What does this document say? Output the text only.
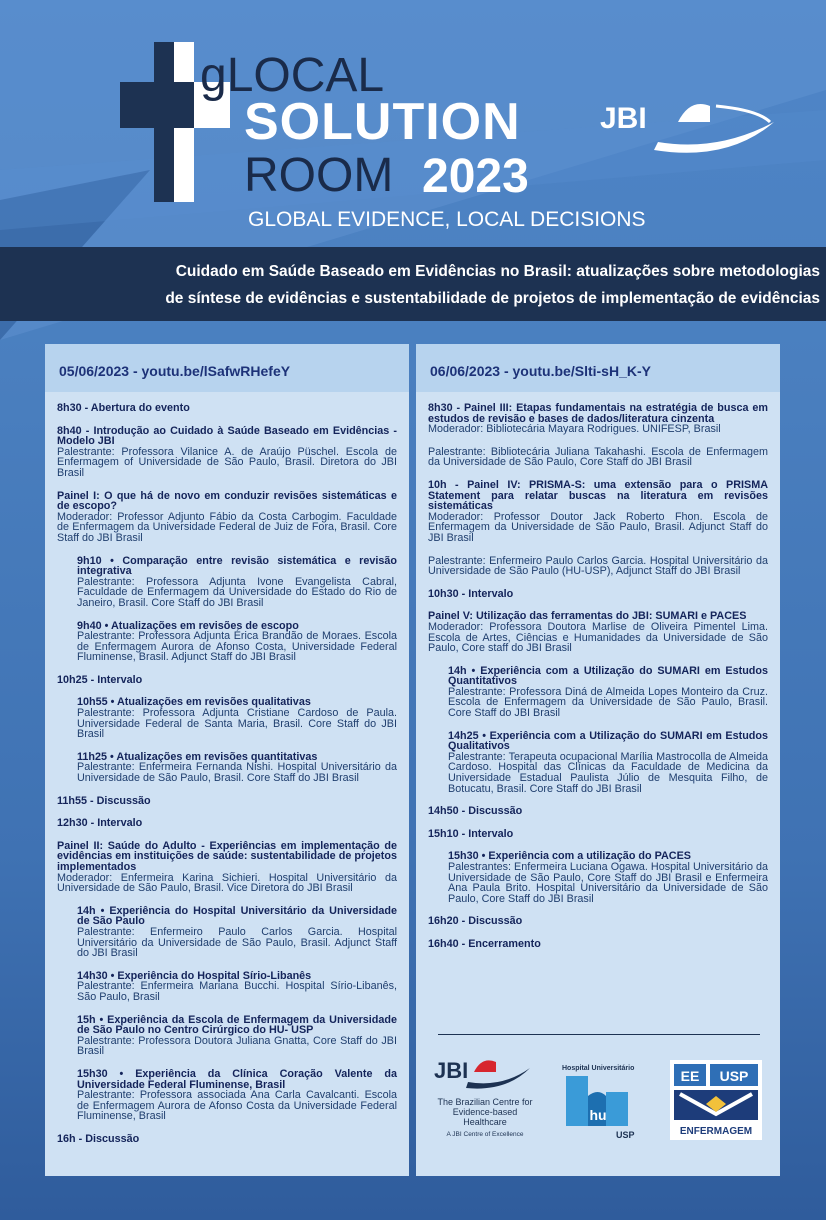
gLOCAL
SOLUTION
ROOM 2023
GLOBAL EVIDENCE, LOCAL DECISIONS
JBI
Cuidado em Saúde Baseado em Evidências no Brasil: atualizações sobre metodologias
de síntese de evidências e sustentabilidade de projetos de implementação de evidências
05/06/2023 - youtu.be/lSafwRHefeY
8h30 - Abertura do evento
8h40 - Introdução ao Cuidado à Saúde Baseado em Evidências - Modelo JBI
Palestrante: Professora Vilanice A. de Araújo Püschel. Escola de Enfermagem of Universidade de São Paulo, Brasil. Diretora do JBI Brasil
Painel I: O que há de novo em conduzir revisões sistemáticas e de escopo?
Moderador: Professor Adjunto Fábio da Costa Carbogim. Faculdade de Enfermagem da Universidade Federal de Juiz de Fora, Brasil. Core Staff do JBI Brasil
9h10 • Comparação entre revisão sistemática e revisão integrativa
Palestrante: Professora Adjunta Ivone Evangelista Cabral, Faculdade de Enfermagem da Universidade do Estado do Rio de Janeiro, Brasil. Core Staff do JBI Brasil
9h40 • Atualizações em revisões de escopo
Palestrante: Professora Adjunta Érica Brandão de Moraes. Escola de Enfermagem Aurora de Afonso Costa, Universidade Federal Fluminense, Brasil. Adjunct Staff do JBI Brasil
10h25 - Intervalo
10h55 • Atualizações em revisões qualitativas
Palestrante: Professora Adjunta Cristiane Cardoso de Paula. Universidade Federal de Santa Maria, Brasil. Core Staff do JBI Brasil
11h25 • Atualizações em revisões quantitativas
Palestrante: Enfermeira Fernanda Nishi. Hospital Universitário da Universidade de São Paulo, Brasil. Core Staff do JBI Brasil
11h55 - Discussão
12h30 - Intervalo
Painel II: Saúde do Adulto - Experiências em implementação de evidências em instituições de saúde: sustentabilidade de projetos implementados
Moderador: Enfermeira Karina Sichieri. Hospital Universitário da Universidade de São Paulo, Brasil. Vice Diretora do JBI Brasil
14h • Experiência do Hospital Universitário da Universidade de São Paulo
Palestrante: Enfermeiro Paulo Carlos Garcia. Hospital Universitário da Universidade de São Paulo, Brasil. Adjunct Staff do JBI Brasil
14h30 • Experiência do Hospital Sírio-Libanês
Palestrante: Enfermeira Mariana Bucchi. Hospital Sírio-Libanês, São Paulo, Brasil
15h • Experiência da Escola de Enfermagem da Universidade de São Paulo no Centro Cirúrgico do HU- USP
Palestrante: Professora Doutora Juliana Gnatta, Core Staff do JBI Brasil
15h30 • Experiência da Clínica Coração Valente da Universidade Federal Fluminense, Brasil
Palestrante: Professora associada Ana Carla Cavalcanti. Escola de Enfermagem Aurora de Afonso Costa da Universidade Federal Fluminense, Brasil
16h - Discussão
06/06/2023 - youtu.be/Slti-sH_K-Y
8h30 - Painel III: Etapas fundamentais na estratégia de busca em estudos de revisão e bases de dados/literatura cinzenta
Moderador: Bibliotecária Mayara Rodrigues. UNIFESP, Brasil
Palestrante: Bibliotecária Juliana Takahashi. Escola de Enfermagem da Universidade de São Paulo, Core Staff do JBI Brasil
10h - Painel IV: PRISMA-S: uma extensão para o PRISMA Statement para relatar buscas na literatura em revisões sistemáticas
Moderador: Professor Doutor Jack Roberto Fhon. Escola de Enfermagem da Universidade de São Paulo, Brasil. Adjunct Staff do JBI Brasil
Palestrante: Enfermeiro Paulo Carlos Garcia. Hospital Universitário da Universidade de São Paulo (HU-USP), Adjunct Staff do JBI Brasil
10h30 - Intervalo
Painel V: Utilização das ferramentas do JBI: SUMARI e PACES
Moderador: Professora Doutora Marlise de Oliveira Pimentel Lima. Escola de Artes, Ciências e Humanidades da Universidade de São Paulo, Core staff do JBI Brasil
14h • Experiência com a Utilização do SUMARI em Estudos Quantitativos
Palestrante: Professora Diná de Almeida Lopes Monteiro da Cruz. Escola de Enfermagem da Universidade de São Paulo, Brasil. Core Staff do JBI Brasil
14h25 • Experiência com a Utilização do SUMARI em Estudos Qualitativos
Palestrante: Terapeuta ocupacional Marília Mastrocolla de Almeida Cardoso. Hospital das Clínicas da Faculdade de Medicina da Universidade Estadual Paulista Júlio de Mesquita Filho, de Botucatu, Brasil. Core Staff do JBI Brasil
14h50 - Discussão
15h10 - Intervalo
15h30 • Experiência com a utilização do PACES
Palestrantes: Enfermeira Luciana Ogawa. Hospital Universitário da Universidade de São Paulo, Core Staff do JBI Brasil e Enfermeira Ana Paula Brito. Hospital Universitário da Universidade de São Paulo, Core Staff do JBI Brasil
16h20 - Discussão
16h40 - Encerramento
JBI
The Brazilian Centre for Evidence-based Healthcare
A JBI Centre of Excellence
Hospital Universitário
hu
USP
EE USP
ENFERMAGEM
